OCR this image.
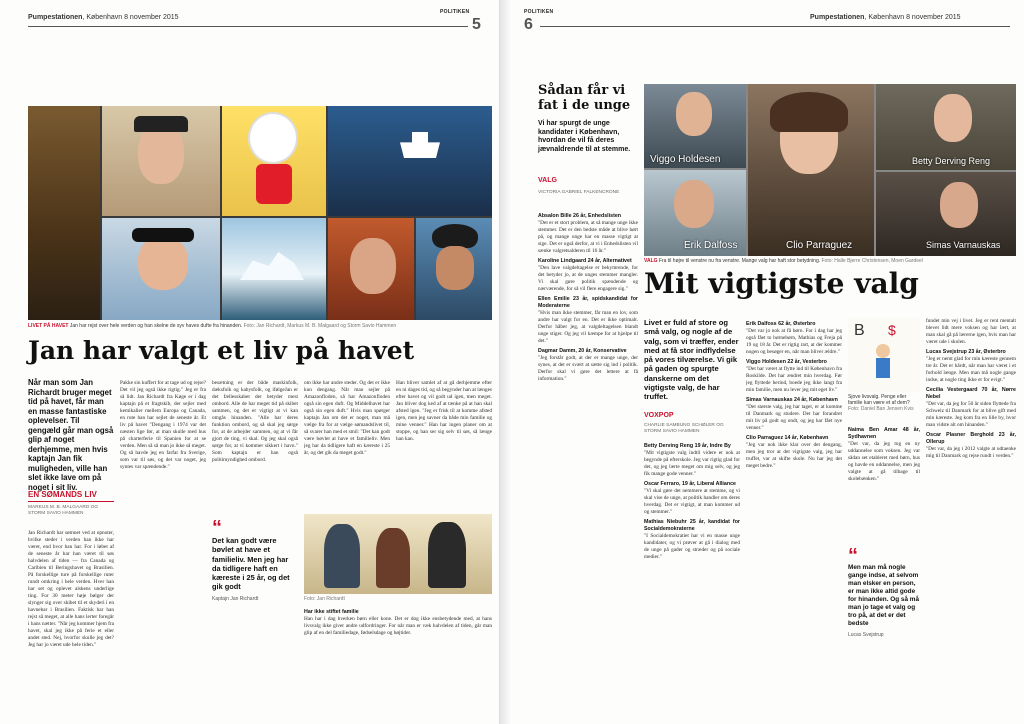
Pumpestationen, København 8 november 2015
POLITIKEN
5
LIVET PÅ HAVET Jan har rejst over hele verden og han skelne de syv haves dufte fra hinanden. Foto: Jan Richardt, Markus M. B. Malgaard og Storm Savio Hammen
Jan har valgt et liv på havet
Når man som Jan Richardt bruger meget tid på havet, får man en masse fantastiske oplevelser. Til gengæld går man også glip af noget derhjemme, men hvis kaptajn Jan fik muligheden, ville han slet ikke lave om på noget i sit liv.
EN SØMANDS LIV
MARKUS M. B. MALGAARD OG STORM SAVIO HAMMEN
Jan Richardt har sømnet ved at opnoter, hvilke steder i verden han ikke har været, end hvor han har. For i løbet af de seneste år har han været til søs halvdelen af tiden — fra Canada og Caribien til Beringshavet og Brasilien. På forskellige ture på forskellige ruter rundt omkring i hele verden. Hver han har set og oplevet alskens underlige ting. For 30 meter høje bølger der slynger sig over skibet til et skyderi i en havnebar i Brasilien. Faktisk har han rejst så meget, at alle hans lerter foregår i hans nætter. "Når jeg kommer hjem fra havet, skal jeg ikke på ferie et eller andet sted. Nej, hvorfor skulle jeg det? Jeg har jo været ude hele tiden."
Pakke sin kuffert for at tage ud og rejse? Det vil jeg også ikke rigtig." Jeg er fra så lidt. Jan Richardt fra Køge er i dag kaptajn på et fragtskib, der sejler med kemikalier mellem Europa og Canada, en rute han har sejlet de seneste år. Et liv på havet "Dengang i 1974 var det næsten lige før, at man skulle med hus på charterferie til Spanien for at se verden. Men så så man jo ikke så meget. Og så havde jeg en farfar fra Sverige, som var til søs, og det var noget, jeg syntes var spændende."
besætning er der både maskinfolk, dæksfolk og kabysfolk, og ifølgeJan er det fællesskabet der betyder mest ombord. Alle de har meget tid på skibet sammen, og det er vigtigt at vi kan omgås hinanden. "Alle har deres funktion ombord, og så skal jeg sørge for, at de arbejder sammen, og at vi får gjort de ting, vi skal. Og jeg skal også sørge for, at vi kommer sikkert i havn." Som kaptajn er han også politimyndighed ombord.
“
Det kan godt være bøvlet at have et familieliv. Men jeg har da tidligere haft en kæreste i 25 år, og det gik godt
Kaptajn Jan Richardt
om ikke har andre steder. Og det er ikke kun dengang. Når man sejler på Amazonfloden, så har Amazonfloden også sin egen duft. Og Middelhavet har også sin egen duft." Hvis man spørger kaptajn Jan om det er noget, man må vælge fra for at vælge sømandslivet til, så svarer han med et smil: "Det kan godt være bøvlet at have et familieliv. Men jeg har da tidligere haft en kæreste i 25 år, og det gik da meget godt."
Han bliver samlet af at gå derhjemme efter en ni dages tid, og så begynder han at længes efter havet og vil godt ud igen, men meget. Jan bliver dog ked af at tænke på at han skal afsted igen. "Jeg er frisk til at komme afsted igen, men jeg savner da både min familie og mine venner." Han har ingen planer om at stoppe, og han ser sig selv til søs, så længe han kan.
Foto: Jan Richardt
Har ikke stiftet familie
Han har i dag hverken børn eller kone. Det er dog ikke ensbetydende med, at hans livsvalg ikke giver andre udfordringer. For når man er væk halvdelen af tiden, går man glip af en del familiedage, fødselsdage og højtider.
POLITIKEN
6	Pumpestationen, København 8 november 2015
Sådan får vi fat i de unge
Vi har spurgt de unge kandidater i København, hvordan de vil få deres jævnaldrende til at stemme.
VALG
VICTORIA GABRIEL FALKENCRONE

Absalon Bille 26 år, Enhedslisten
"Det er et stort problem, at så mange unge ikke stemmer. Det er den bedste måde at blive hørt på, og mange unge har en masse vigtigt at sige. Det er også derfor, at vi i Enhedslisten vil sænke valgretsalderen til 16 år."

Karoline Lindgaard 24 år, Alternativet
"Den lave valgdeltagelse er bekymrende, for det betyder jo, at de unges stemmer mangler. Vi skal gøre politik spændende og nærværende, for så vil flere engagere sig."

Ellen Emilie 23 år, spidskandidat for Moderaterne
"Hvis man ikke stemmer, får man en lov, som andre har valgt for en. Det er ikke optimalt. Derfor håber jeg, at valgdeltagelsen blandt unge stiger. Og jeg vil kæmpe for at hjælpe til det."

Dagmar Damm, 20 år, Konservative
"Jeg forstår godt, at der er mange unge, der synes, at det er svært at sætte sig ind i politik. Derfor skal vi gøre det lettere at få information."

Viggo Holdesen
Erik Dalfoss	Clio Parraguez
Betty Derving Reng
Simas Varnauskas
VALG Fra til højre til venstre nu fra venstre. Mange valg har haft stor betydning. Foto: Halle Bjerre Christensen, Moen Gardeel
Mit vigtigste valg
Livet er fuld af store og små valg, og nogle af de valg, som vi træffer, ender med at få stor indflydelse på vores tilværelse. Vi gik på gaden og spurgte danskerne om det vigtigste valg, de har truffet.
VOXPOP
CHARLIE SAMBUNG SCHØLER OG STORM SAVIO HAMMEN

Betty Derving Reng 19 år, Indre By
"Mit vigtigste valg indtil videre er nok at begynde på efterskole. Jeg var rigtig glad for det, og jeg lærte meget om mig selv, og jeg fik mange gode venner."

Oscar Ferraro, 19 år, Liberal Alliance
"Vi skal gøre det nemmere at stemme, og vi skal vise de unge, at politik handler om deres hverdag. Det er vigtigt, at man kommer ud og stemmer."

Mathias Niebuhr 25 år, kandidat for Socialdemokraterne
"I Socialdemokratiet har vi en masse unge kandidater, og vi prøver at gå i dialog med de unge på gader og stræder og på sociale medier."

Erik Dalfoss 62 år, Østerbro
"Det var jo nok at få børn. For i dag har jeg også fået to børnebørn, Mathias og Freja på 19 og 18 år. Det er rigtig rart, at der kommer nogen og besøger en, når man bliver ældre."

Viggo Holdesen 22 år, Vesterbro
"Det har været at flytte ind til København fra Roskilde. Det har ændret min hverdag. Før jeg flyttede herind, boede jeg ikke langt fra min familie, men nu lever jeg mit eget liv."

Simas Varnauskas 24 år, København
"Det største valg, jeg har taget, er at komme til Danmark og studere. Det har forandret mit liv på godt og ondt, og jeg har fået nye venner."

Clio Parraguez 14 år, København
"Jeg var nok ikke klar over det dengang, men jeg tror at det vigtigste valg, jeg har truffet, var at skifte skole. Nu har jeg det meget bedre."

B $
Sjove livsvalg. Penge eller familie kan være et af dem? Foto: Daniel Ban Jensen Kvis
Naima Ben Amar 48 år, Sydhavnen
"Det var, da jeg tog en ny uddannelse som voksen. Jeg var sådan set etableret med børn, hus og havde en uddannelse, men jeg valgte at gå tilbage til skolebænken."
“
Men man må nogle gange indse, at selvom man elsker en person, er man ikke altid gode for hinanden. Og så må man jo tage et valg og tro på, at det er det bedste
Lucas Svejstrup

fundet min vej i livet. Jeg er rent mentalt blevet lidt mere voksen og har lært, at man skal gå på lærerne igen, hvis man har været ude i skolen.

Lucas Svejstrup 23 år, Østerbro
"Jeg er nemt glad for min kæreste gennem tre år. Det er hårdt, når man har været i et forhold længe. Men man må nogle gange indse, at nogle ting ikke er for evigt."

Cecilia Vestergaard 70 år, Nørre Nebel
"Det var, da jeg for 50 år siden flyttede fra Schweiz til Danmark for at blive gift med min kæreste. Jeg kom fra en lille by, hvor man vidste alt om hinanden."

Oscar Plasner Berghold 23 år, Ollerup
"Det var, da jeg i 2012 valgte at udtaenke mig til Danmark og rejse rundt i verden."
